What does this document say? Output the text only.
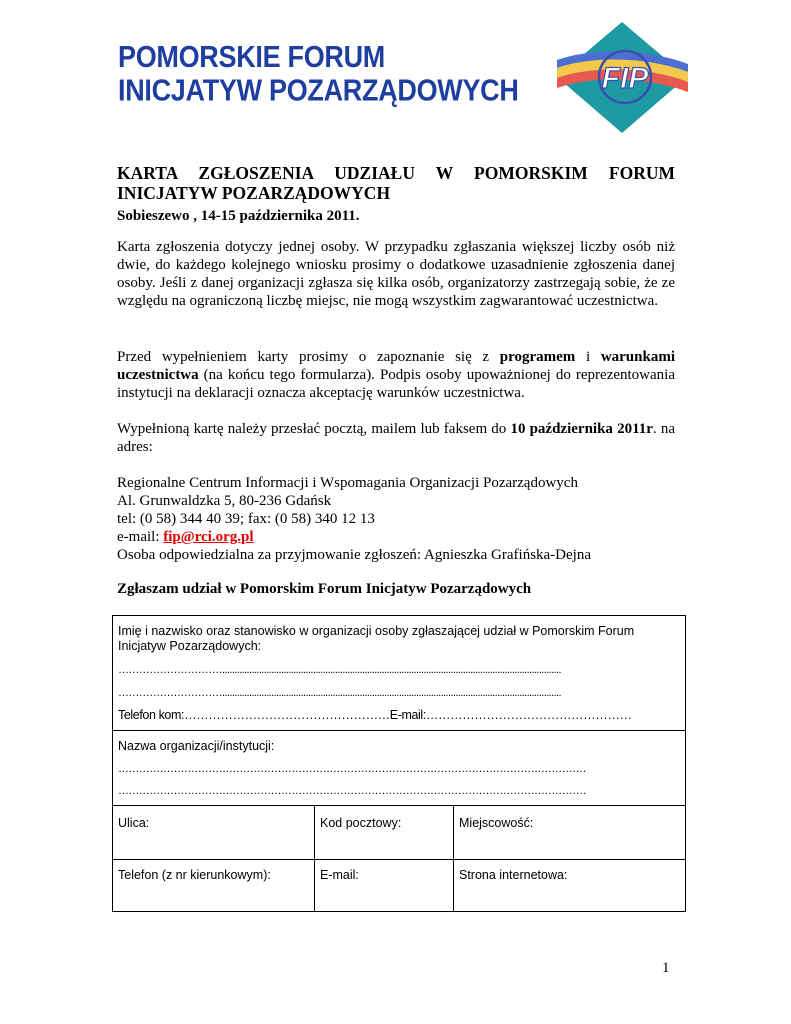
POMORSKIE FORUM
INICJATYW POZARZĄDOWYCH	FIP
KARTA ZGŁOSZENIA UDZIAŁU W POMORSKIM FORUM INICJATYW POZARZĄDOWYCH
Sobieszewo , 14-15 października 2011.
Karta zgłoszenia dotyczy jednej osoby. W przypadku zgłaszania większej liczby osób niż dwie, do każdego kolejnego wniosku prosimy o dodatkowe uzasadnienie zgłoszenia danej osoby. Jeśli z danej organizacji zgłasza się kilka osób, organizatorzy zastrzegają sobie, że ze względu na ograniczoną liczbę miejsc, nie mogą wszystkim zagwarantować uczestnictwa.
Przed wypełnieniem karty prosimy o zapoznanie się z programem i warunkami uczestnictwa (na końcu tego formularza). Podpis osoby upoważnionej do reprezentowania instytucji na deklaracji oznacza akceptację warunków uczestnictwa.
Wypełnioną kartę należy przesłać pocztą, mailem lub faksem do 10 października 2011r. na adres:
Regionalne Centrum Informacji i Wspomagania Organizacji Pozarządowych
Al. Grunwaldzka 5, 80-236 Gdańsk
tel: (0 58) 344 40 39; fax: (0 58) 340 12 13
e-mail: fip@rci.org.pl
Osoba odpowiedzialna za przyjmowanie zgłoszeń: Agnieszka Grafińska-Dejna
Zgłaszam udział w Pomorskim Forum Inicjatyw Pozarządowych
Imię i nazwisko oraz stanowisko w organizacji osoby zgłaszającej udział w Pomorskim Forum Inicjatyw Pozarządowych:
…………………………..........................................................................................................................................
…………………………..........................................................................................................................................
Telefon kom:……………………………………………E-mail:……………………………………………
Nazwa organizacji/instytucji:
………………………………………………………………………………………………………………………
………………………………………………………………………………………………………………………
Ulica:	Kod pocztowy:	Miejscowość:
Telefon (z nr kierunkowym):	E-mail:	Strona internetowa:
1
